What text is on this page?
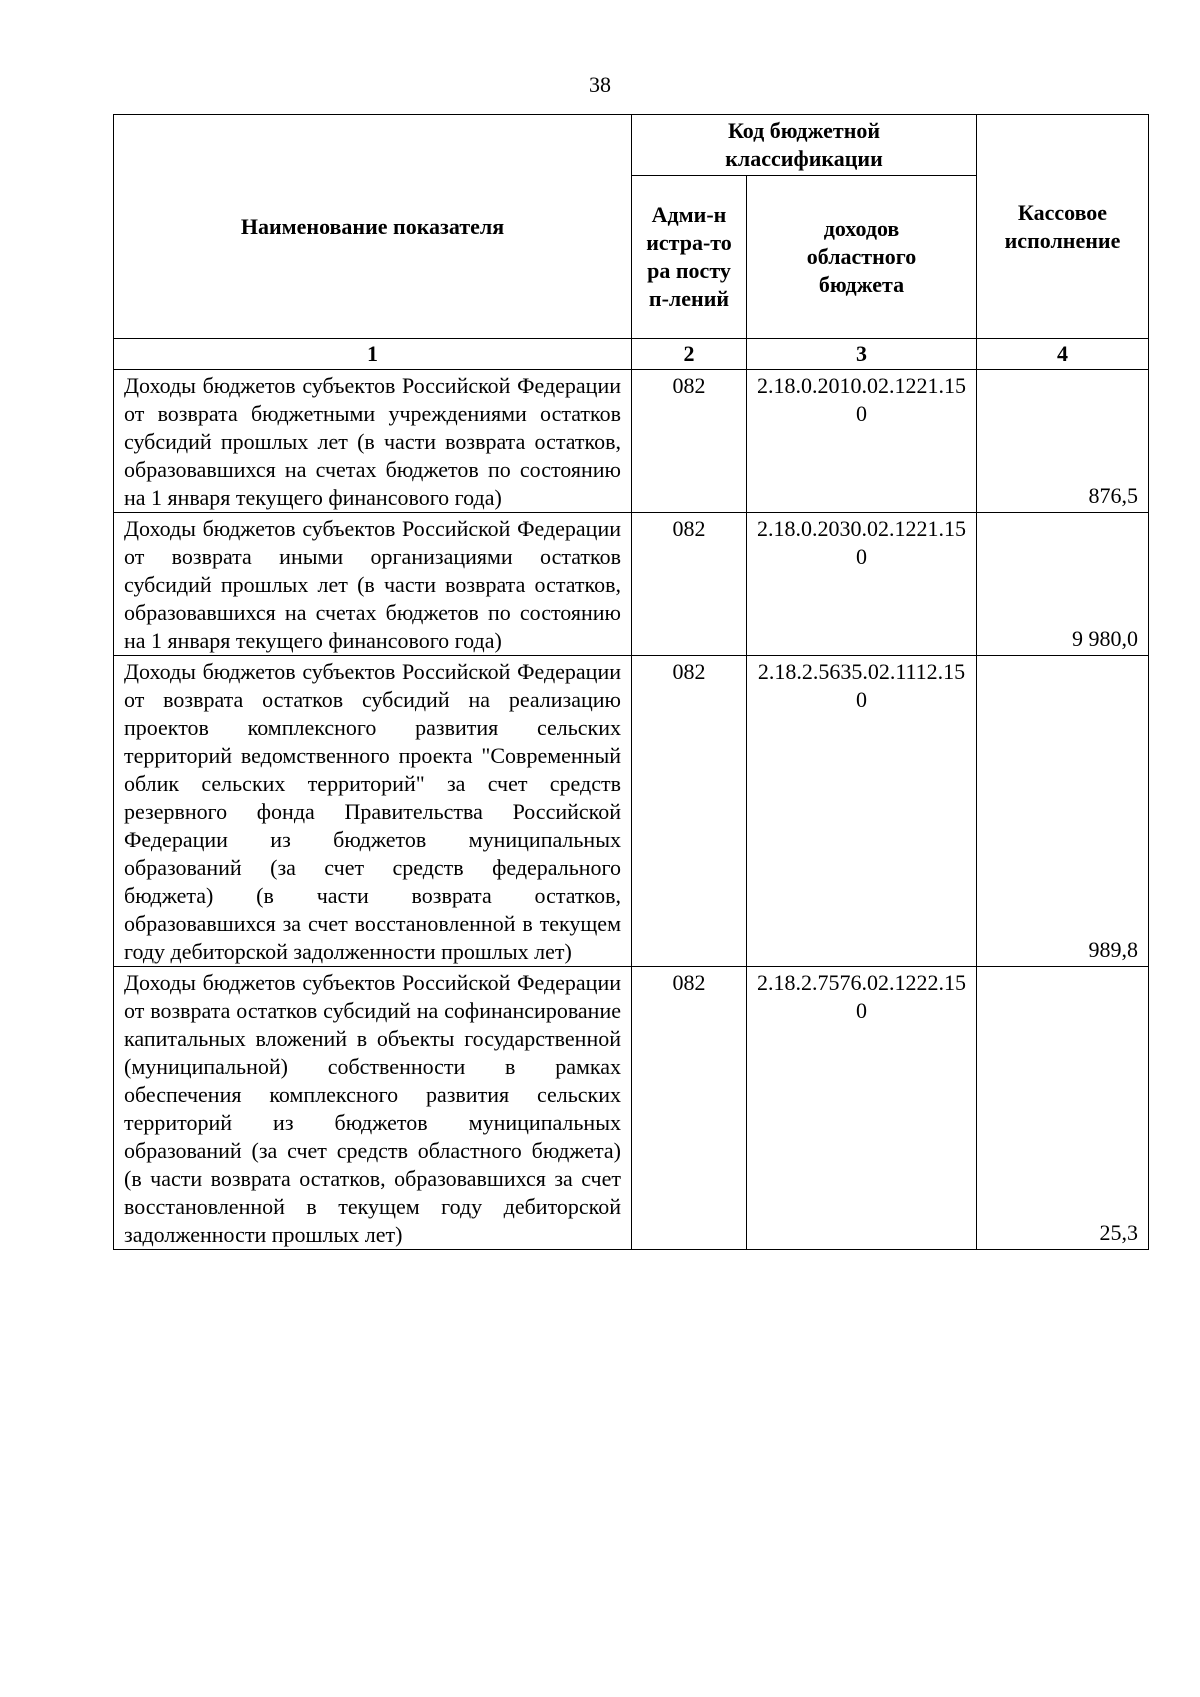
38
Наименование показателя	Код бюджетной классификации		Кассовое исполнение
	Адми-нистра-тора поступ-лений	доходов областного бюджета	
1	2	3	4
Доходы бюджетов субъектов Российской Федерации от возврата бюджетными учреждениями остатков субсидий прошлых лет (в части возврата остатков, образовавшихся на счетах бюджетов по состоянию на 1 января текущего финансового года)	082	2.18.0.2010.02.1221.150	876,5
Доходы бюджетов субъектов Российской Федерации от возврата иными организациями остатков субсидий прошлых лет (в части возврата остатков, образовавшихся на счетах бюджетов по состоянию на 1 января текущего финансового года)	082	2.18.0.2030.02.1221.150	9 980,0
Доходы бюджетов субъектов Российской Федерации от возврата остатков субсидий на реализацию проектов комплексного развития сельских территорий ведомственного проекта "Современный облик сельских территорий" за счет средств резервного фонда Правительства Российской Федерации из бюджетов муниципальных образований (за счет средств федерального бюджета) (в части возврата остатков, образовавшихся за счет восстановленной в текущем году дебиторской задолженности прошлых лет)	082	2.18.2.5635.02.1112.150	989,8
Доходы бюджетов субъектов Российской Федерации от возврата остатков субсидий на софинансирование капитальных вложений в объекты государственной (муниципальной) собственности в рамках обеспечения комплексного развития сельских территорий из бюджетов муниципальных образований (за счет средств областного бюджета) (в части возврата остатков, образовавшихся за счет восстановленной в текущем году дебиторской задолженности прошлых лет)	082	2.18.2.7576.02.1222.150	25,3
